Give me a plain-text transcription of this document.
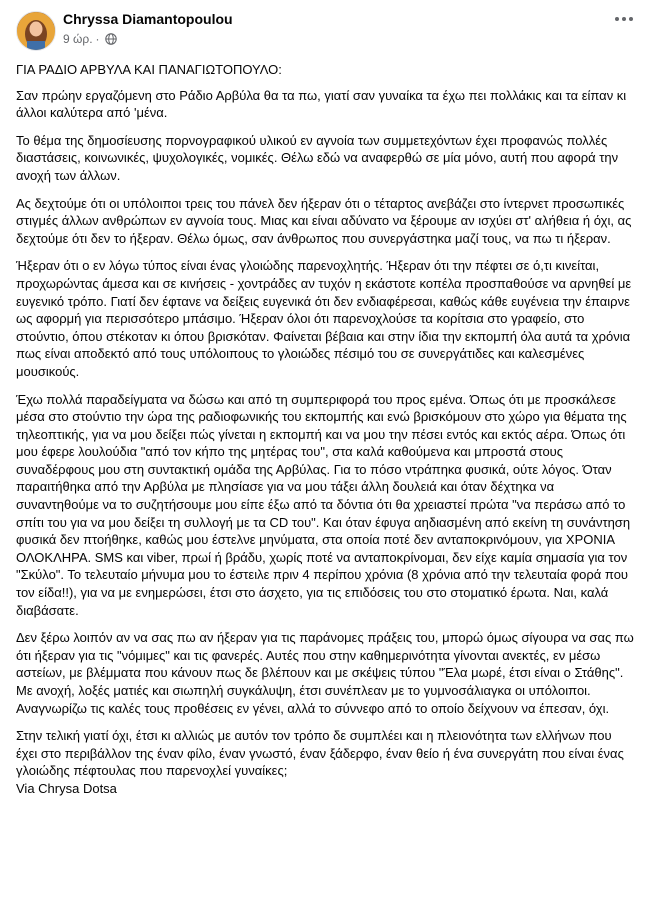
Chryssa Diamantopoulou
9 ώρ. ·

ΓΙΑ ΡΑΔΙΟ ΑΡΒΥΛΑ ΚΑΙ ΠΑΝΑΓΙΩΤΟΠΟΥΛΟ:

Σαν πρώην εργαζόμενη στο Ράδιο Αρβύλα θα τα πω, γιατί σαν γυναίκα τα έχω πει πολλάκις και τα είπαν κι άλλοι καλύτερα από 'μένα.

Το θέμα της δημοσίευσης πορνογραφικού υλικού εν αγνοία των συμμετεχόντων έχει προφανώς πολλές διαστάσεις, κοινωνικές, ψυχολογικές, νομικές. Θέλω εδώ να αναφερθώ σε μία μόνο, αυτή που αφορά την ανοχή των άλλων.

Ας δεχτούμε ότι οι υπόλοιποι τρεις του πάνελ δεν ήξεραν ότι ο τέταρτος ανεβάζει στο ίντερνετ προσωπικές στιγμές άλλων ανθρώπων εν αγνοία τους. Μιας και είναι αδύνατο να ξέρουμε αν ισχύει στ' αλήθεια ή όχι, ας δεχτούμε ότι δεν το ήξεραν. Θέλω όμως, σαν άνθρωπος που συνεργάστηκα μαζί τους, να πω τι ήξεραν.

Ήξεραν ότι ο εν λόγω τύπος είναι ένας γλοιώδης παρενοχλητής. Ήξεραν ότι την πέφτει σε ό,τι κινείται, προχωρώντας άμεσα και σε κινήσεις - χοντράδες αν τυχόν η εκάστοτε κοπέλα προσπαθούσε να αρνηθεί με ευγενικό τρόπο. Γιατί δεν έφτανε να δείξεις ευγενικά ότι δεν ενδιαφέρεσαι, καθώς κάθε ευγένεια την έπαιρνε ως αφορμή για περισσότερο μπάσιμο. Ήξεραν όλοι ότι παρενοχλούσε τα κορίτσια στο γραφείο, στο στούντιο, όπου στέκοταν κι όπου βρισκόταν. Φαίνεται βέβαια και στην ίδια την εκπομπή όλα αυτά τα χρόνια πως είναι αποδεκτό από τους υπόλοιπους το γλοιώδες πέσιμό του σε συνεργάτιδες και καλεσμένες μουσικούς.

Έχω πολλά παραδείγματα να δώσω και από τη συμπεριφορά του προς εμένα. Όπως ότι με προσκάλεσε μέσα στο στούντιο την ώρα της ραδιοφωνικής του εκπομπής και ενώ βρισκόμουν στο χώρο για θέματα της τηλεοπτικής, για να μου δείξει πώς γίνεται η εκπομπή και να μου την πέσει εντός και εκτός αέρα. Όπως ότι μου έφερε λουλούδια "από τον κήπο της μητέρας του", στα καλά καθούμενα και μπροστά στους συναδέρφους μου στη συντακτική ομάδα της Αρβύλας. Για το πόσο ντράπηκα φυσικά, ούτε λόγος. Όταν παραιτήθηκα από την Αρβύλα με πλησίασε για να μου τάξει άλλη δουλειά και όταν δέχτηκα να συναντηθούμε να το συζητήσουμε μου είπε έξω από τα δόντια ότι θα χρειαστεί πρώτα "να περάσω από το σπίτι του για να μου δείξει τη συλλογή με τα CD του". Και όταν έφυγα αηδιασμένη από εκείνη τη συνάντηση φυσικά δεν πτοήθηκε, καθώς μου έστελνε μηνύματα, στα οποία ποτέ δεν ανταποκρινόμουν, για ΧΡΟΝΙΑ ΟΛΟΚΛΗΡΑ. SMS και viber, πρωί ή βράδυ, χωρίς ποτέ να ανταποκρίνομαι, δεν είχε καμία σημασία για τον "Σκύλο". Το τελευταίο μήνυμα μου το έστειλε πριν 4 περίπου χρόνια (8 χρόνια από την τελευταία φορά που τον είδα!!), για να με ενημερώσει, έτσι στο άσχετο, για τις επιδόσεις του στο στοματικό έρωτα. Ναι, καλά διαβάσατε.

Δεν ξέρω λοιπόν αν να σας πω αν ήξεραν για τις παράνομες πράξεις του, μπορώ όμως σίγουρα να σας πω ότι ήξεραν για τις "νόμιμες" και τις φανερές. Αυτές που στην καθημερινότητα γίνονται ανεκτές, εν μέσω αστείων, με βλέμματα που κάνουν πως δε βλέπουν και με σκέψεις τύπου "Έλα μωρέ, έτσι είναι ο Στάθης". Με ανοχή, λοξές ματιές και σιωπηλή συγκάλυψη, έτσι συνέπλεαν με το γυμνοσάλιαγκα οι υπόλοιποι. Αναγνωρίζω τις καλές τους προθέσεις εν γένει, αλλά το σύννεφο από το οποίο δείχνουν να έπεσαν, όχι.

Στην τελική γιατί όχι, έτσι κι αλλιώς με αυτόν τον τρόπο δε συμπλέει και η πλειονότητα των ελλήνων που έχει στο περιβάλλον της έναν φίλο, έναν γνωστό, έναν ξάδερφο, έναν θείο ή ένα συνεργάτη που είναι ένας γλοιώδης πέφτουλας που παρενοχλεί γυναίκες;

Via Chrysa Dotsa
